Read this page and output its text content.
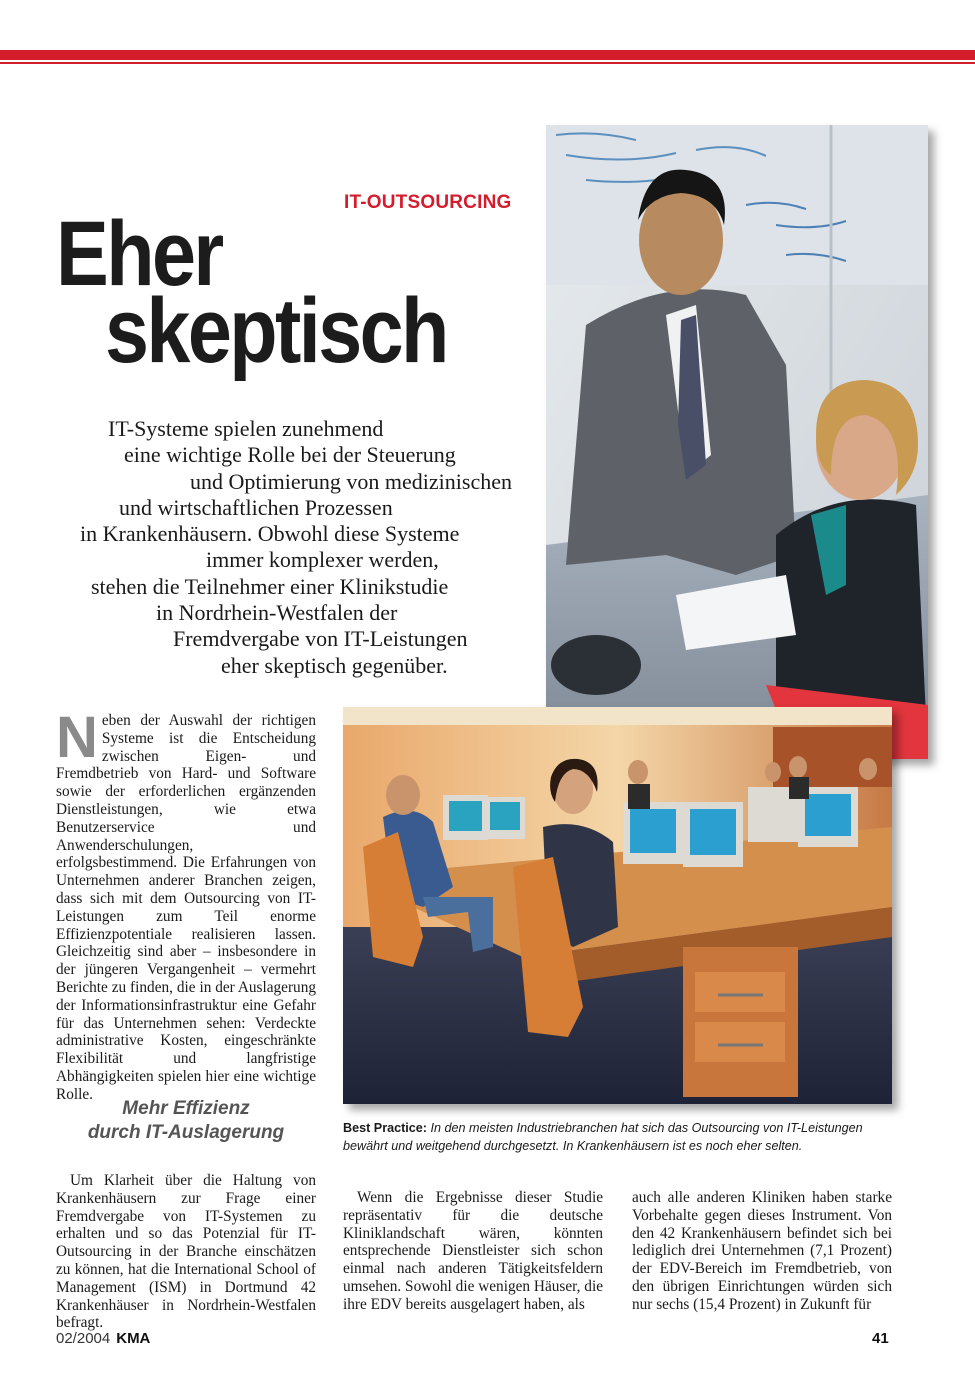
IT-OUTSOURCING
Eher
skeptisch
IT-Systeme spielen zunehmend
eine wichtige Rolle bei der Steuerung
und Optimierung von medizinischen
und wirtschaftlichen Prozessen
in Krankenhäusern. Obwohl diese Systeme
immer komplexer werden,
stehen die Teilnehmer einer Klinikstudie
in Nordrhein-Westfalen der
Fremdvergabe von IT-Leistungen
eher skeptisch gegenüber.
Neben der Auswahl der richtigen Systeme ist die Entscheidung zwischen Eigen- und Fremdbetrieb von Hard- und Software sowie der erforderlichen ergänzenden Dienstleistungen, wie etwa Benutzerservice und Anwenderschulungen, erfolgsbestimmend. Die Erfahrungen von Unternehmen anderer Branchen zeigen, dass sich mit dem Outsourcing von IT-Leistungen zum Teil enorme Effizienzpotentiale realisieren lassen. Gleichzeitig sind aber – insbesondere in der jüngeren Vergangenheit – vermehrt Berichte zu finden, die in der Auslagerung der Informationsinfrastruktur eine Gefahr für das Unternehmen sehen: Verdeckte administrative Kosten, eingeschränkte Flexibilität und langfristige Abhängigkeiten spielen hier eine wichtige Rolle.
Mehr Effizienz
durch IT-Auslagerung
Um Klarheit über die Haltung von Krankenhäusern zur Frage einer Fremdvergabe von IT-Systemen zu erhalten und so das Potenzial für IT-Outsourcing in der Branche einschätzen zu können, hat die International School of Management (ISM) in Dortmund 42 Krankenhäuser in Nordrhein-Westfalen befragt.
Wenn die Ergebnisse dieser Studie repräsentativ für die deutsche Kliniklandschaft wären, könnten entsprechende Dienstleister sich schon einmal nach anderen Tätigkeitsfeldern umsehen. Sowohl die wenigen Häuser, die ihre EDV bereits ausgelagert haben, als
auch alle anderen Kliniken haben starke Vorbehalte gegen dieses Instrument. Von den 42 Krankenhäusern befindet sich bei lediglich drei Unternehmen (7,1 Prozent) der EDV-Bereich im Fremdbetrieb, von den übrigen Einrichtungen würden sich nur sechs (15,4 Prozent) in Zukunft für
Best Practice: In den meisten Industriebranchen hat sich das Outsourcing von IT-Leistungen
bewährt und weitgehend durchgesetzt. In Krankenhäusern ist es noch eher selten.
02/2004 KMA	41
